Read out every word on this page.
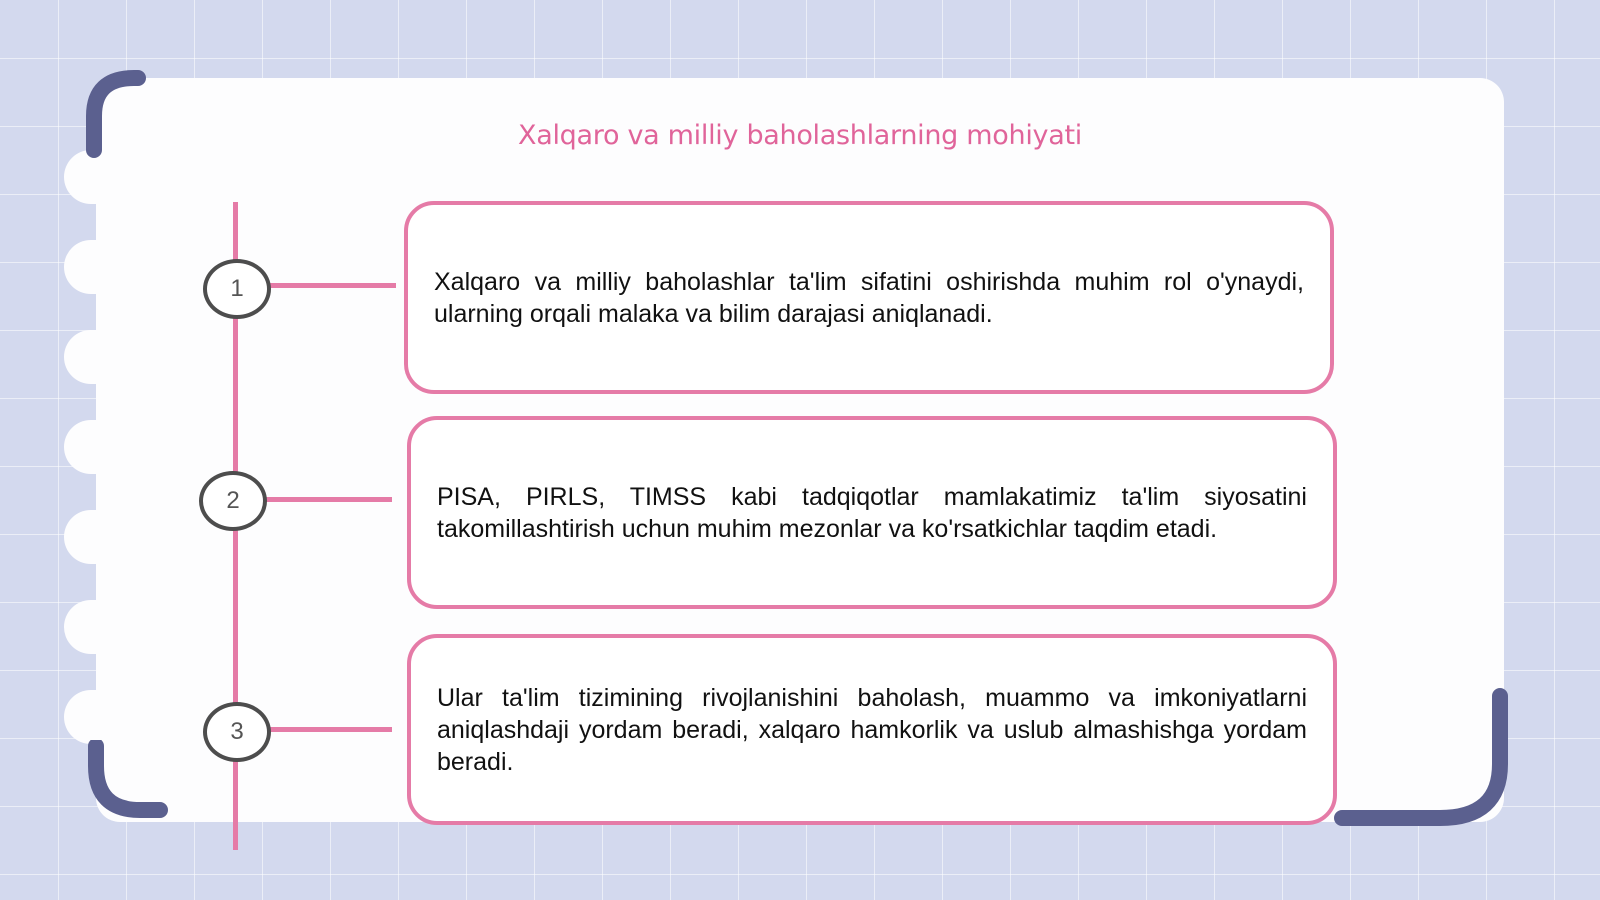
Xalqaro va milliy baholashlarning mohiyati
1	Xalqaro va milliy baholashlar ta'lim sifatini oshirishda muhim rol o'ynaydi, ularning orqali malaka va bilim darajasi aniqlanadi.
2	PISA, PIRLS, TIMSS kabi tadqiqotlar mamlakatimiz ta'lim siyosatini takomillashtirish uchun muhim mezonlar va ko'rsatkichlar taqdim etadi.
3
Ular ta'lim tizimining rivojlanishini baholash, muammo va imkoniyatlarni aniqlashdaji yordam beradi, xalqaro hamkorlik va uslub almashishga yordam beradi.
